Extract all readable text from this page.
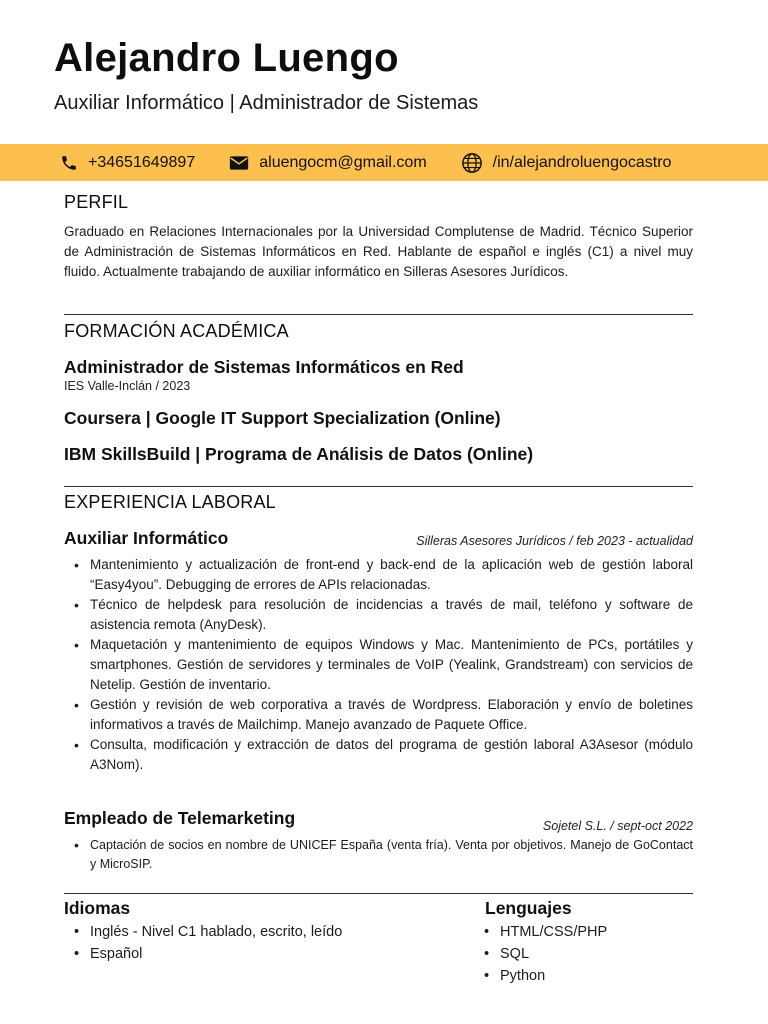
Alejandro Luengo
Auxiliar Informático | Administrador de Sistemas
+34651649897	aluengocm@gmail.com	/in/alejandroluengocastro
PERFIL
Graduado en Relaciones Internacionales por la Universidad Complutense de Madrid. Técnico Superior de Administración de Sistemas Informáticos en Red. Hablante de español e inglés (C1) a nivel muy fluido. Actualmente trabajando de auxiliar informático en Silleras Asesores Jurídicos.
FORMACIÓN ACADÉMICA
Administrador de Sistemas Informáticos en Red
IES Valle-Inclán / 2023
Coursera | Google IT Support Specialization (Online)
IBM SkillsBuild | Programa de Análisis de Datos (Online)
EXPERIENCIA LABORAL
Auxiliar Informático	Silleras Asesores Jurídicos / feb 2023 - actualidad
• Mantenimiento y actualización de front-end y back-end de la aplicación web de gestión laboral “Easy4you”. Debugging de errores de APIs relacionadas.
• Técnico de helpdesk para resolución de incidencias a través de mail, teléfono y software de asistencia remota (AnyDesk).
• Maquetación y mantenimiento de equipos Windows y Mac. Mantenimiento de PCs, portátiles y smartphones. Gestión de servidores y terminales de VoIP (Yealink, Grandstream) con servicios de Netelip. Gestión de inventario.
• Gestión y revisión de web corporativa a través de Wordpress. Elaboración y envío de boletines informativos a través de Mailchimp. Manejo avanzado de Paquete Office.
• Consulta, modificación y extracción de datos del programa de gestión laboral A3Asesor (módulo A3Nom).
Empleado de Telemarketing	Sojetel S.L. / sept-oct 2022
• Captación de socios en nombre de UNICEF España (venta fría). Venta por objetivos. Manejo de GoContact y MicroSIP.
Idiomas
• Inglés - Nivel C1 hablado, escrito, leído
• Español
Lenguajes
• HTML/CSS/PHP
• SQL
• Python
